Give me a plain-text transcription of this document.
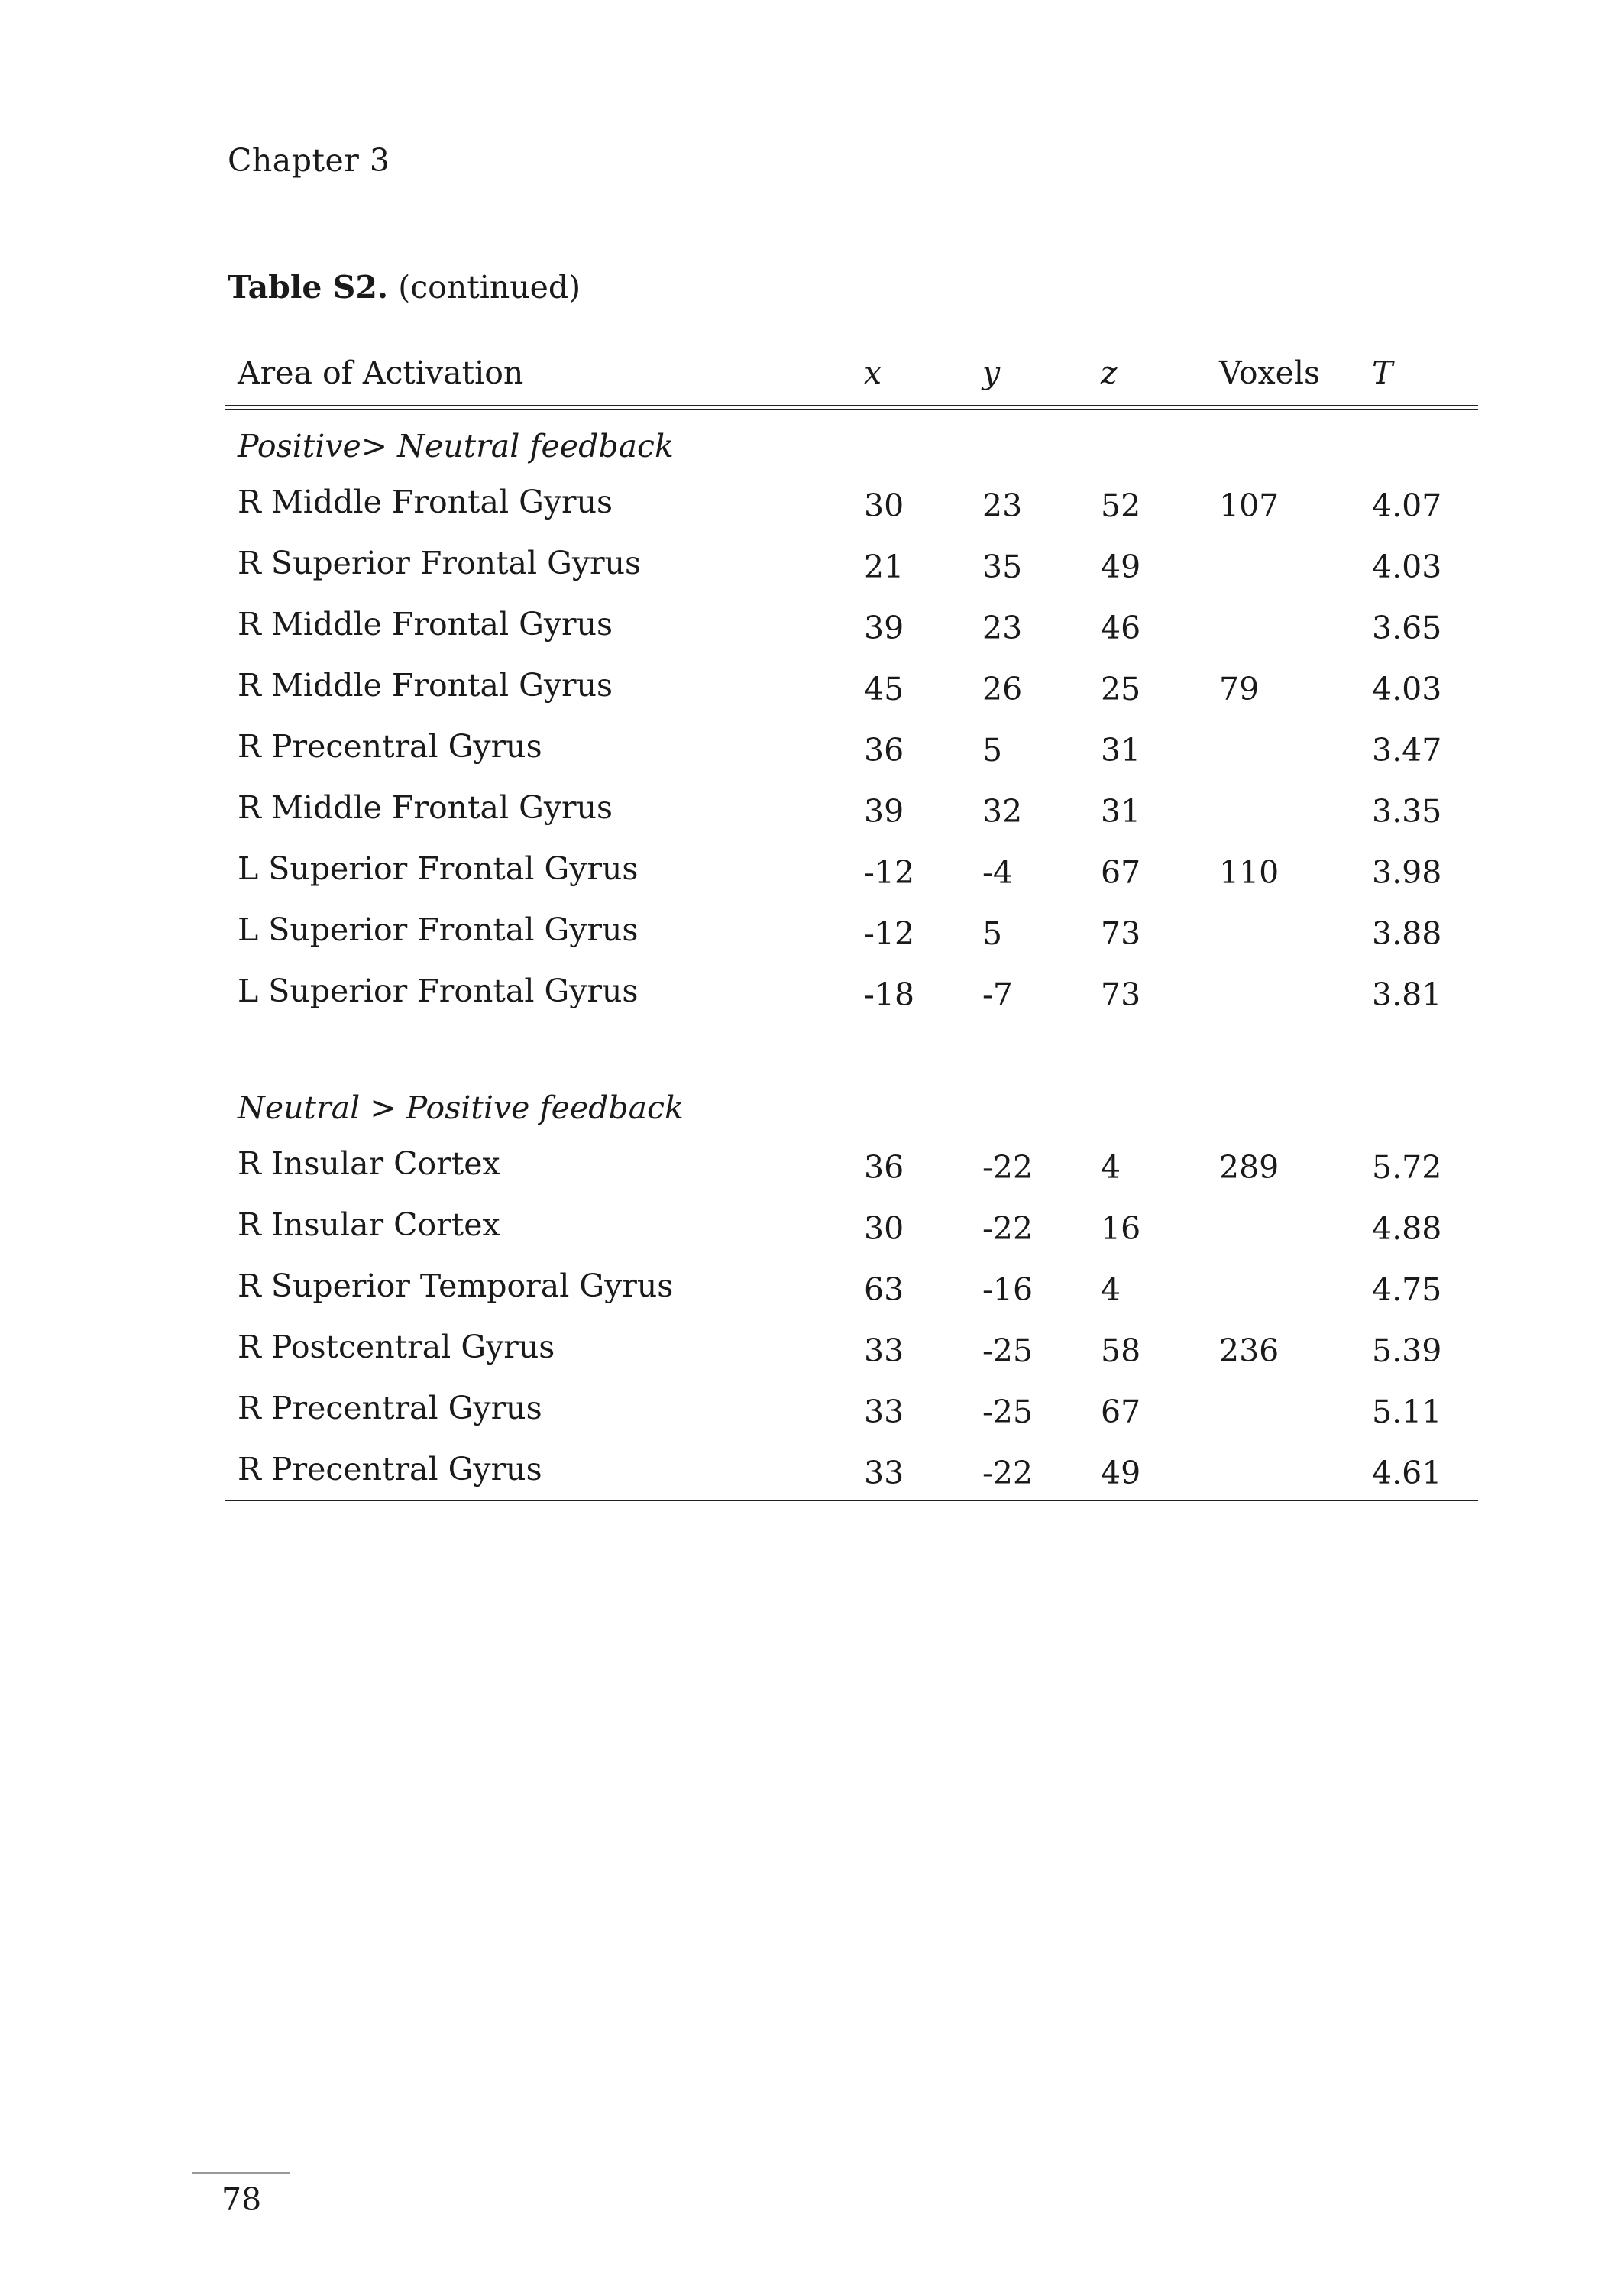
Chapter 3
Table S2. (continued)
Area of Activation	x	y	z	Voxels	T
Positive> Neutral feedback					
R Middle Frontal Gyrus	30	23	52	107	4.07
R Superior Frontal Gyrus	21	35	49		4.03
R Middle Frontal Gyrus	39	23	46		3.65
R Middle Frontal Gyrus	45	26	25	79	4.03
R Precentral Gyrus	36	5	31		3.47
R Middle Frontal Gyrus	39	32	31		3.35
L Superior Frontal Gyrus	-12	-4	67	110	3.98
L Superior Frontal Gyrus	-12	5	73		3.88
L Superior Frontal Gyrus	-18	-7	73		3.81

Neutral > Positive feedback					
R Insular Cortex	36	-22	4	289	5.72
R Insular Cortex	30	-22	16		4.88
R Superior Temporal Gyrus	63	-16	4		4.75
R Postcentral Gyrus	33	-25	58	236	5.39
R Precentral Gyrus	33	-25	67		5.11
R Precentral Gyrus	33	-22	49		4.61
78
